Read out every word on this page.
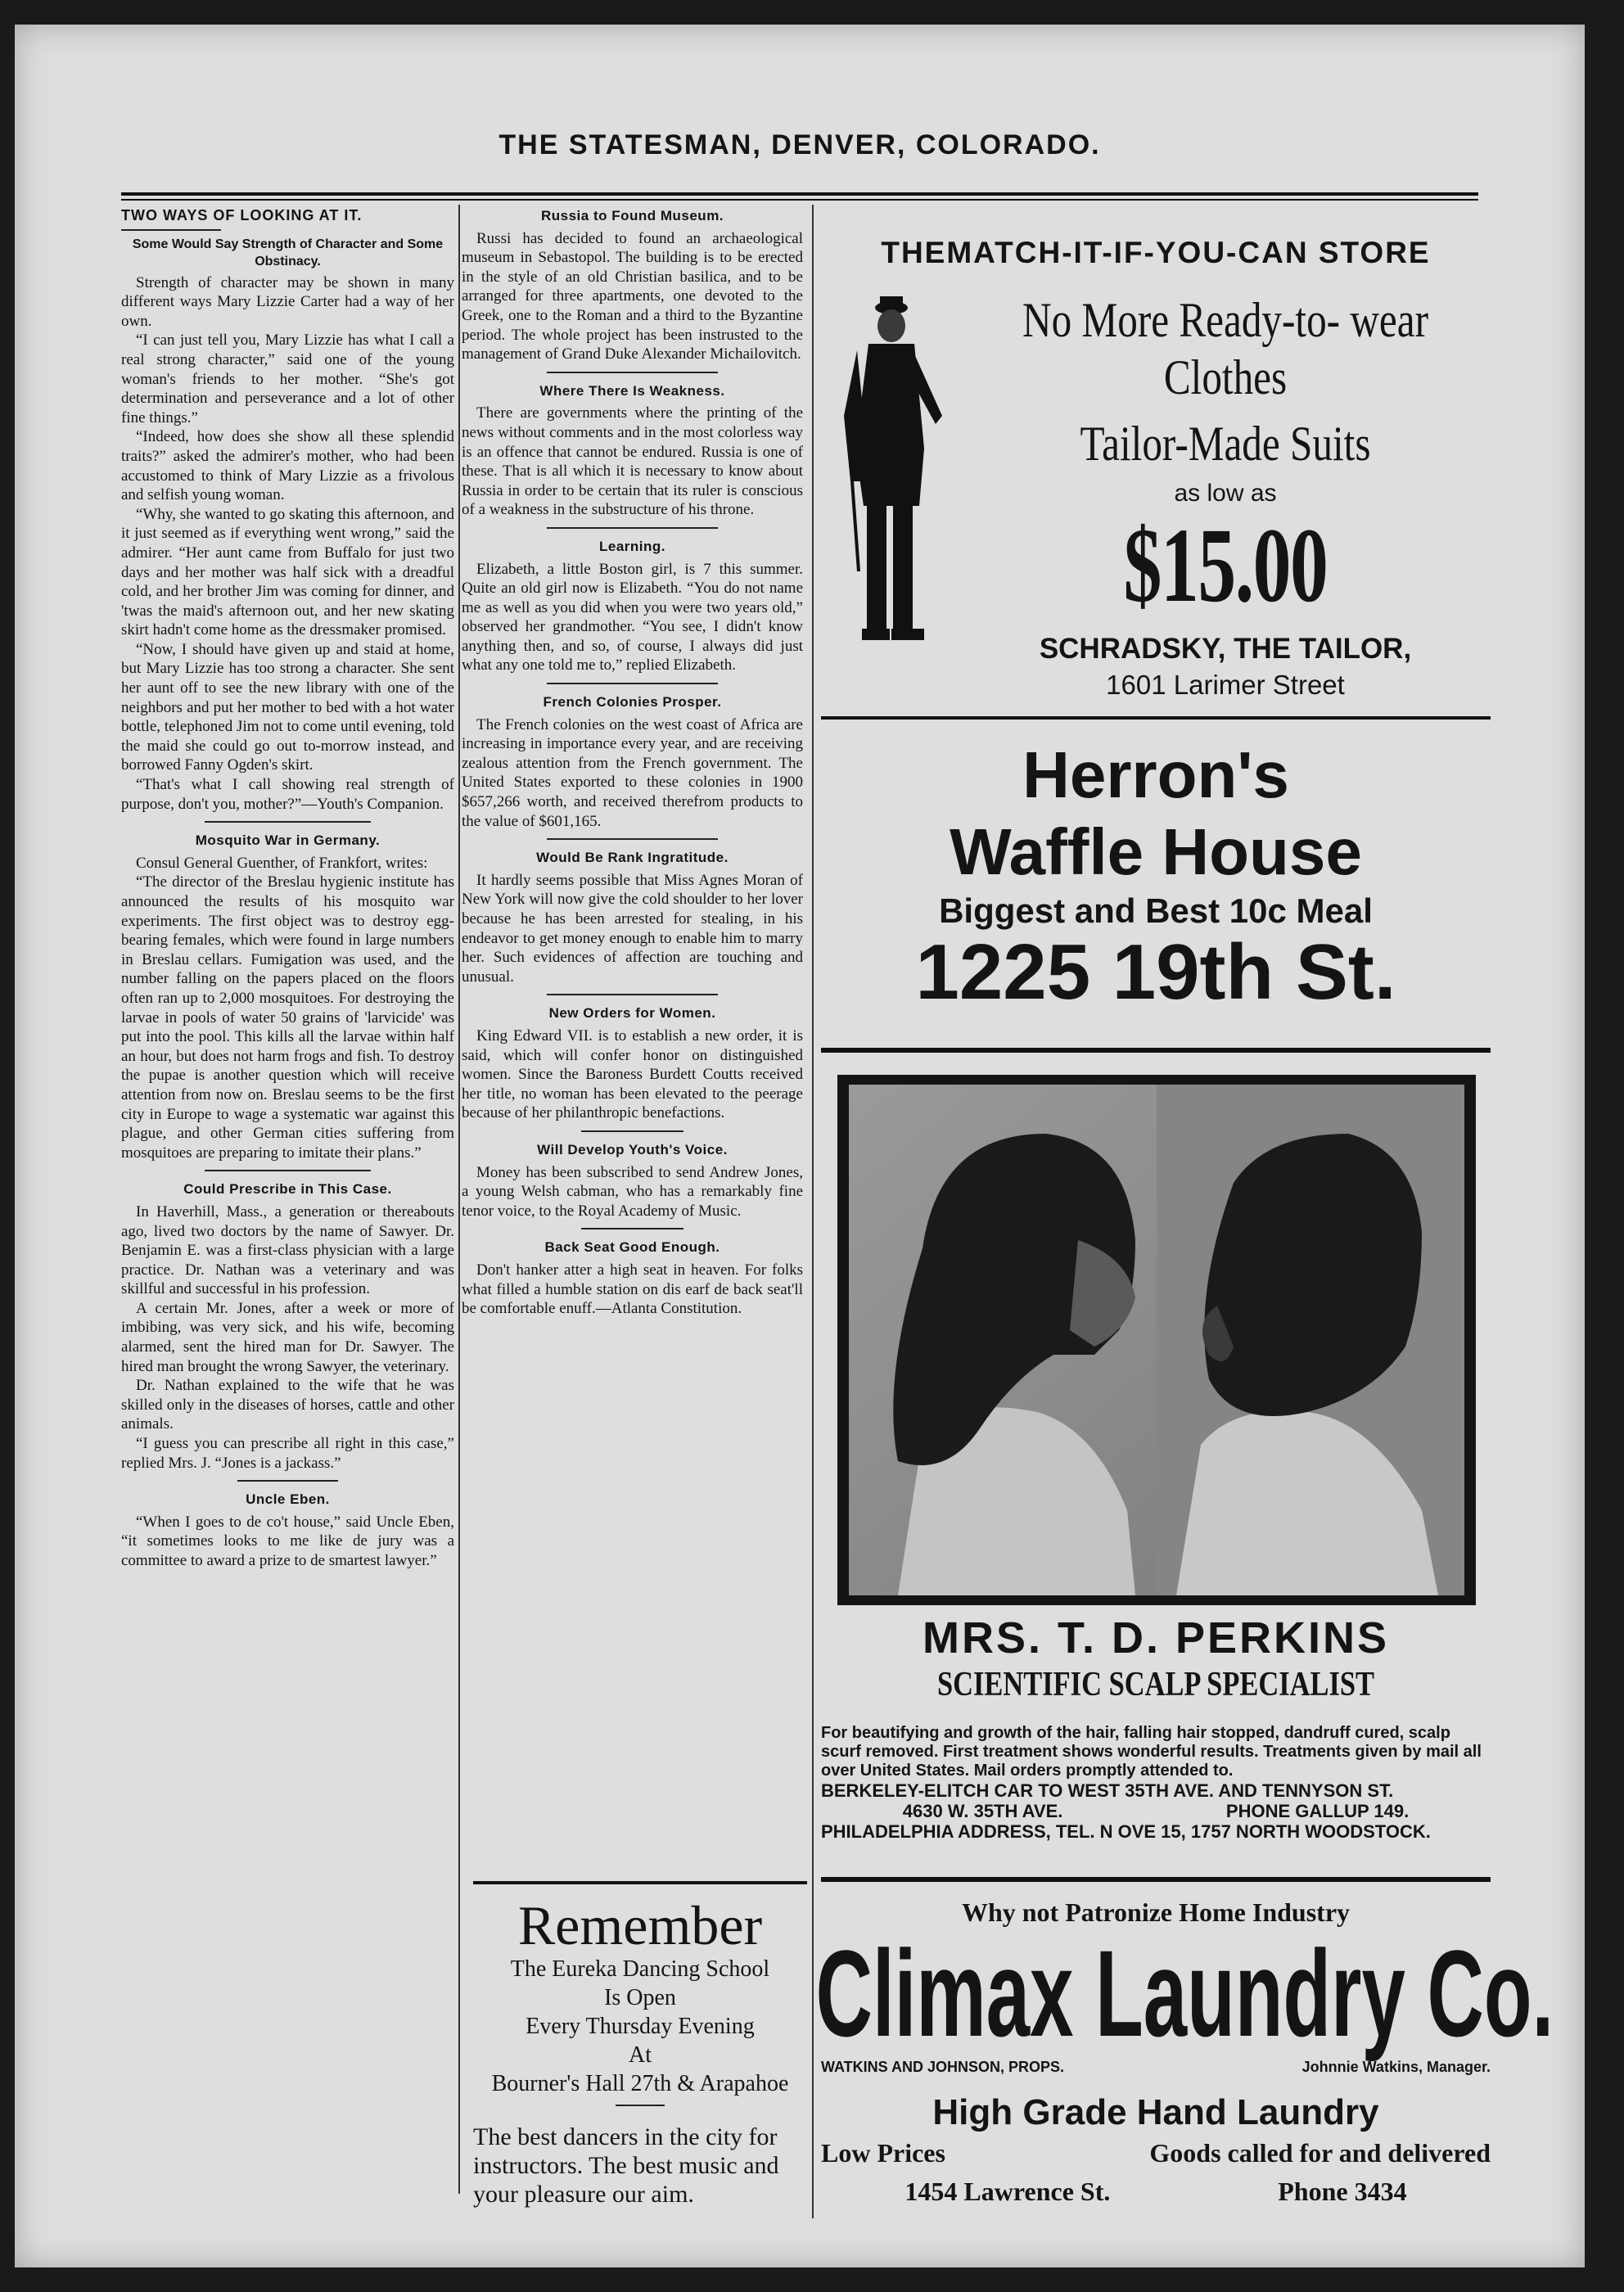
THE STATESMAN, DENVER, COLORADO.
TWO WAYS OF LOOKING AT IT.
Some Would Say Strength of Character and Some Obstinacy.

Strength of character may be shown in many different ways Mary Lizzie Carter had a way of her own.

“I can just tell you, Mary Lizzie has what I call a real strong character,” said one of the young woman's friends to her mother. “She's got determination and perseverance and a lot of other fine things.”

“Indeed, how does she show all these splendid traits?” asked the admirer's mother, who had been accustomed to think of Mary Lizzie as a frivolous and selfish young woman.

“Why, she wanted to go skating this afternoon, and it just seemed as if everything went wrong,” said the admirer. “Her aunt came from Buffalo for just two days and her mother was half sick with a dreadful cold, and her brother Jim was coming for dinner, and 'twas the maid's afternoon out, and her new skating skirt hadn't come home as the dressmaker promised.

“Now, I should have given up and staid at home, but Mary Lizzie has too strong a character. She sent her aunt off to see the new library with one of the neighbors and put her mother to bed with a hot water bottle, telephoned Jim not to come until evening, told the maid she could go out to-morrow instead, and borrowed Fanny Ogden's skirt.

“That's what I call showing real strength of purpose, don't you, mother?”—Youth's Companion.

Mosquito War in Germany.

Consul General Guenther, of Frankfort, writes:

“The director of the Breslau hygienic institute has announced the results of his mosquito war experiments. The first object was to destroy egg-bearing females, which were found in large numbers in Breslau cellars. Fumigation was used, and the number falling on the papers placed on the floors often ran up to 2,000 mosquitoes. For destroying the larvae in pools of water 50 grains of 'larvicide' was put into the pool. This kills all the larvae within half an hour, but does not harm frogs and fish. To destroy the pupae is another question which will receive attention from now on. Breslau seems to be the first city in Europe to wage a systematic war against this plague, and other German cities suffering from mosquitoes are preparing to imitate their plans.”

Could Prescribe in This Case.

In Haverhill, Mass., a generation or thereabouts ago, lived two doctors by the name of Sawyer. Dr. Benjamin E. was a first-class physician with a large practice. Dr. Nathan was a veterinary and was skillful and successful in his profession.

A certain Mr. Jones, after a week or more of imbibing, was very sick, and his wife, becoming alarmed, sent the hired man for Dr. Sawyer. The hired man brought the wrong Sawyer, the veterinary.

Dr. Nathan explained to the wife that he was skilled only in the diseases of horses, cattle and other animals.

“I guess you can prescribe all right in this case,” replied Mrs. J. “Jones is a jackass.”

Uncle Eben.

“When I goes to de co't house,” said Uncle Eben, “it sometimes looks to me like de jury was a committee to award a prize to de smartest lawyer.”

Russia to Found Museum.

Russi has decided to found an archaeological museum in Sebastopol. The building is to be erected in the style of an old Christian basilica, and to be arranged for three apartments, one devoted to the Greek, one to the Roman and a third to the Byzantine period. The whole project has been instrusted to the management of Grand Duke Alexander Michailovitch.

Where There Is Weakness.

There are governments where the printing of the news without comments and in the most colorless way is an offence that cannot be endured. Russia is one of these. That is all which it is necessary to know about Russia in order to be certain that its ruler is conscious of a weakness in the substructure of his throne.

Learning.

Elizabeth, a little Boston girl, is 7 this summer. Quite an old girl now is Elizabeth. “You do not name me as well as you did when you were two years old,” observed her grandmother. “You see, I didn't know anything then, and so, of course, I always did just what any one told me to,” replied Elizabeth.

French Colonies Prosper.

The French colonies on the west coast of Africa are increasing in importance every year, and are receiving zealous attention from the French government. The United States exported to these colonies in 1900 $657,266 worth, and received therefrom products to the value of $601,165.

Would Be Rank Ingratitude.

It hardly seems possible that Miss Agnes Moran of New York will now give the cold shoulder to her lover because he has been arrested for stealing, in his endeavor to get money enough to enable him to marry her. Such evidences of affection are touching and unusual.

New Orders for Women.

King Edward VII. is to establish a new order, it is said, which will confer honor on distinguished women. Since the Baroness Burdett Coutts received her title, no woman has been elevated to the peerage because of her philanthropic benefactions.

Will Develop Youth's Voice.

Money has been subscribed to send Andrew Jones, a young Welsh cabman, who has a remarkably fine tenor voice, to the Royal Academy of Music.

Back Seat Good Enough.

Don't hanker atter a high seat in heaven. For folks what filled a humble station on dis earf de back seat'll be comfortable enuff.—Atlanta Constitution.

Remember
The Eureka Dancing School
Is Open
Every Thursday Evening
At
Bourner's Hall 27th & Arapahoe
The best dancers in the city for instructors. The best music and your pleasure our aim.
THEMATCH-IT-IF-YOU-CAN STORE
No More Ready-to- wear Clothes
Tailor-Made Suits
as low as
$15.00
SCHRADSKY, THE TAILOR,
1601 Larimer Street
Herron's
Waffle House
Biggest and Best 10c Meal
1225 19th St.
MRS. T. D. PERKINS
SCIENTIFIC SCALP SPECIALIST
For beautifying and growth of the hair, falling hair stopped, dandruff cured, scalp scurf removed. First treatment shows wonderful results. Treatments given by mail all over United States. Mail orders promptly attended to.
BERKELEY-ELITCH CAR TO WEST 35TH AVE. AND TENNYSON ST.
4630 W. 35TH AVE.	PHONE GALLUP 149.
PHILADELPHIA ADDRESS, TEL. N OVE 15, 1757 NORTH WOODSTOCK.
Why not Patronize Home Industry
Climax Laundry Co.
WATKINS AND JOHNSON, PROPS.	Johnnie Watkins, Manager.
High Grade Hand Laundry
Low Prices	Goods called for and delivered
1454 Lawrence St.	Phone 3434
